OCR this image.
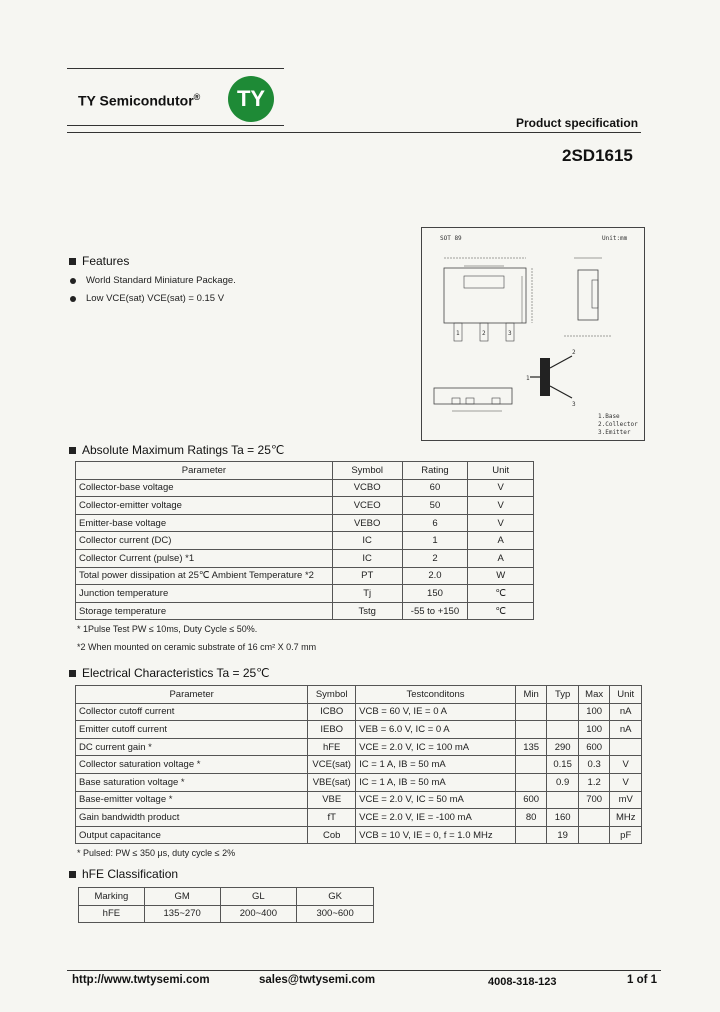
TY Semicondutor® TY
Product specification
2SD1615
Features
World Standard Miniature Package.
Low VCE(sat) VCE(sat) = 0.15 V
SOT 89	Unit:mm
1	2	3
1
2
3
1.Base
2.Collector
3.Emitter
Absolute Maximum Ratings Ta = 25℃
Parameter	Symbol	Rating	Unit
Collector-base voltage	VCBO	60	V
Collector-emitter voltage	VCEO	50	V
Emitter-base voltage	VEBO	6	V
Collector current (DC)	IC	1	A
Collector Current (pulse) *1	IC	2	A
Total power dissipation at 25℃ Ambient Temperature *2	PT	2.0	W
Junction temperature	Tj	150	℃
Storage temperature	Tstg	-55 to +150	℃
* 1Pulse Test PW ≤ 10ms, Duty Cycle ≤ 50%.
*2 When mounted on ceramic substrate of 16 cm² X 0.7 mm
Electrical Characteristics Ta = 25℃
Parameter	Symbol	Testconditons	Min	Typ	Max	Unit
Collector cutoff current	ICBO	VCB = 60 V, IE = 0 A			100	nA
Emitter cutoff current	IEBO	VEB = 6.0 V, IC = 0 A			100	nA
DC current gain *	hFE	VCE = 2.0 V, IC = 100 mA	135	290	600	
Collector saturation voltage *	VCE(sat)	IC = 1 A, IB = 50 mA		0.15	0.3	V
Base saturation voltage *	VBE(sat)	IC = 1 A, IB = 50 mA		0.9	1.2	V
Base-emitter voltage *	VBE	VCE = 2.0 V, IC = 50 mA	600		700	mV
Gain bandwidth product	fT	VCE = 2.0 V, IE = -100 mA	80	160		MHz
Output capacitance	Cob	VCB = 10 V, IE = 0, f = 1.0 MHz		19		pF
* Pulsed: PW ≤ 350 μs, duty cycle ≤ 2%
hFE Classification
Marking	GM	GL	GK
hFE	135~270	200~400	300~600
http://www.twtysemi.com	sales@twtysemi.com	4008-318-123	1 of 1
